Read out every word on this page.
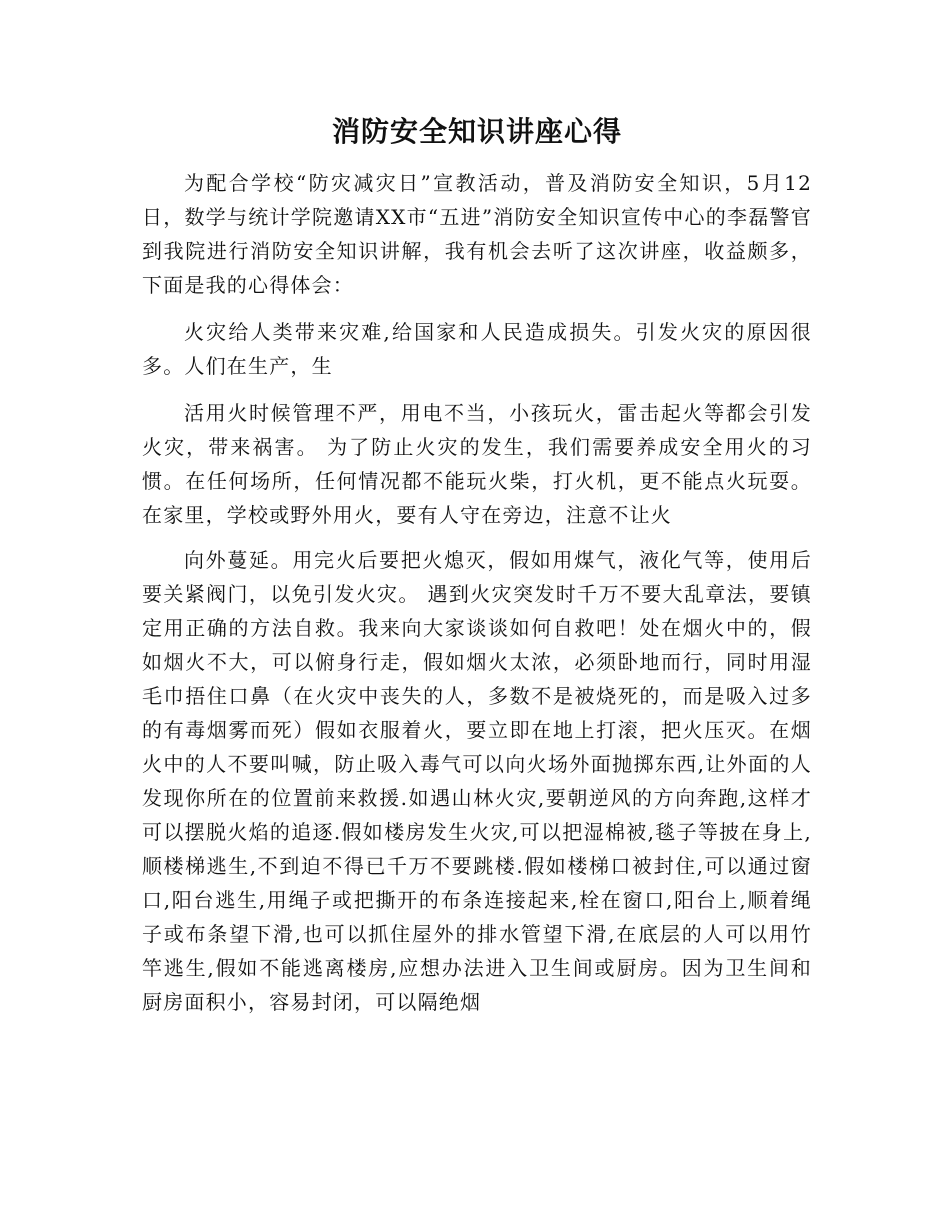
消防安全知识讲座心得

为配合学校“防灾减灾日”宣教活动，普及消防安全知识，5月12日，数学与统计学院邀请XX市“五进”消防安全知识宣传中心的李磊警官到我院进行消防安全知识讲解，我有机会去听了这次讲座，收益颇多，下面是我的心得体会：

火灾给人类带来灾难,给国家和人民造成损失。引发火灾的原因很多。人们在生产，生

活用火时候管理不严，用电不当，小孩玩火，雷击起火等都会引发火灾，带来祸害。 为了防止火灾的发生，我们需要养成安全用火的习惯。在任何场所，任何情况都不能玩火柴，打火机，更不能点火玩耍。在家里，学校或野外用火，要有人守在旁边，注意不让火

向外蔓延。用完火后要把火熄灭，假如用煤气，液化气等，使用后要关紧阀门，以免引发火灾。 遇到火灾突发时千万不要大乱章法，要镇定用正确的方法自救。我来向大家谈谈如何自救吧！处在烟火中的，假如烟火不大，可以俯身行走，假如烟火太浓，必须卧地而行，同时用湿毛巾捂住口鼻（在火灾中丧失的人，多数不是被烧死的，而是吸入过多的有毒烟雾而死）假如衣服着火，要立即在地上打滚，把火压灭。在烟火中的人不要叫喊，防止吸入毒气可以向火场外面抛掷东西,让外面的人发现你所在的位置前来救援.如遇山林火灾,要朝逆风的方向奔跑,这样才可以摆脱火焰的追逐.假如楼房发生火灾,可以把湿棉被,毯子等披在身上,顺楼梯逃生,不到迫不得已千万不要跳楼.假如楼梯口被封住,可以通过窗口,阳台逃生,用绳子或把撕开的布条连接起来,栓在窗口,阳台上,顺着绳子或布条望下滑,也可以抓住屋外的排水管望下滑,在底层的人可以用竹竿逃生,假如不能逃离楼房,应想办法进入卫生间或厨房。因为卫生间和厨房面积小，容易封闭，可以隔绝烟
